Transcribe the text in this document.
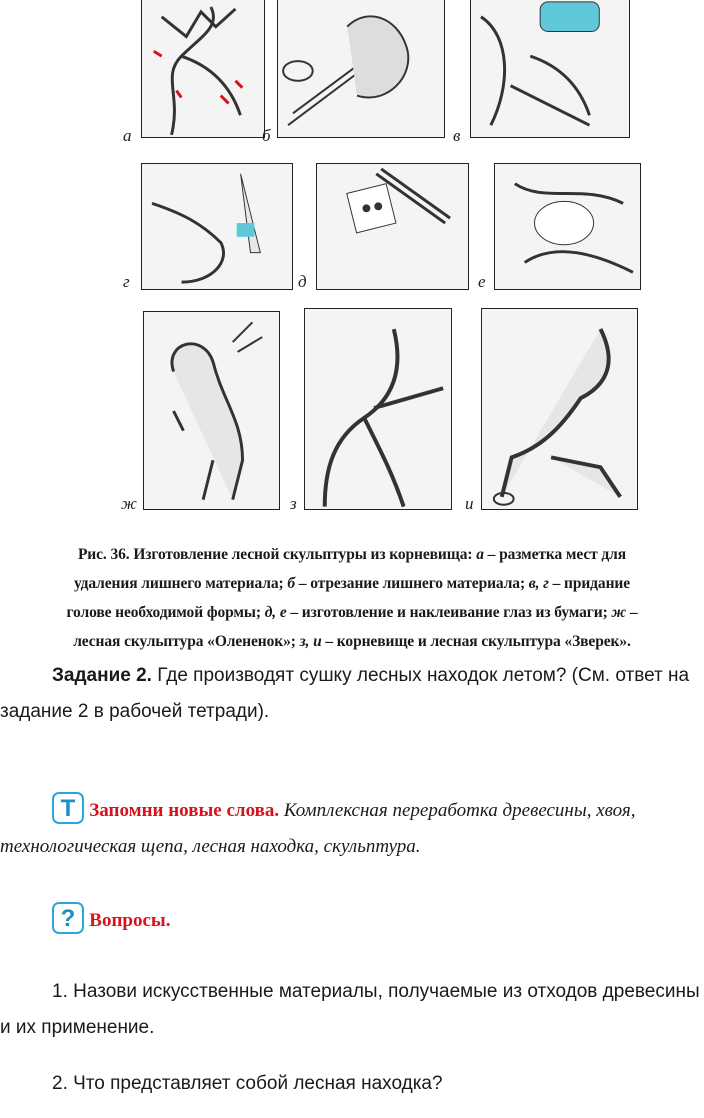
а	б	в
г	д	е
ж	з	и
Рис. 36. Изготовление лесной скульптуры из корневища: а – разметка мест для
удаления лишнего материала; б – отрезание лишнего материала; в, г – придание
голове необходимой формы; д, е – изготовление и наклеивание глаз из бумаги; ж –
лесная скульптура «Олененок»; з, и – корневище и лесная скульптура «Зверек».
Задание 2. Где производят сушку лесных находок летом? (См. ответ на
задание 2 в рабочей тетради).
Т Запомни новые слова. Комплексная переработка древесины, хвоя,
технологическая щепа, лесная находка, скульптура.
? Вопросы.
1. Назови искусственные материалы, получаемые из отходов древесины
и их применение.
2. Что представляет собой лесная находка?
